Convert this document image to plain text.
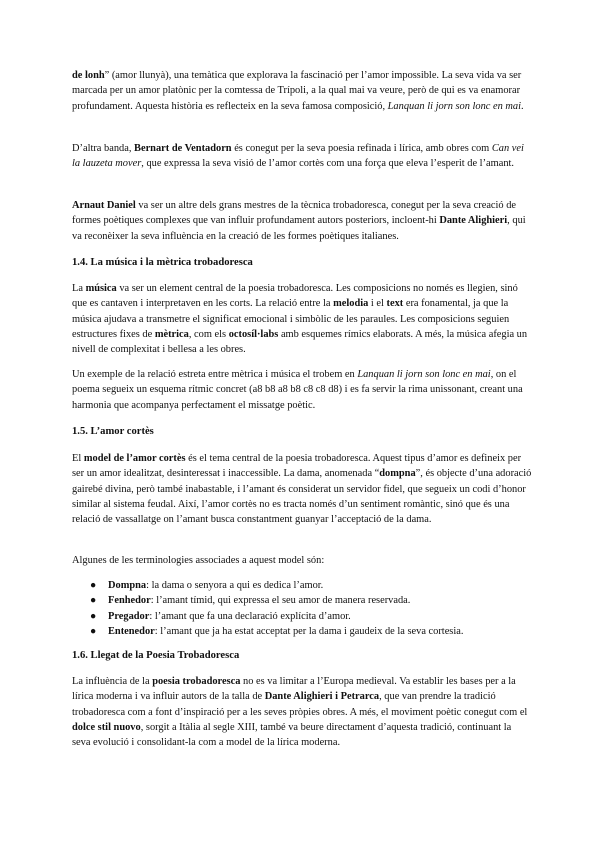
de lonh” (amor llunyà), una temàtica que explorava la fascinació per l’amor impossible. La seva vida va ser marcada per un amor platònic per la comtessa de Trípoli, a la qual mai va veure, però de qui es va enamorar profundament. Aquesta història es reflecteix en la seva famosa composició, Lanquan li jorn son lonc en mai.

D’altra banda, Bernart de Ventadorn és conegut per la seva poesia refinada i lírica, amb obres com Can vei la lauzeta mover, que expressa la seva visió de l’amor cortès com una força que eleva l’esperit de l’amant.

Arnaut Daniel va ser un altre dels grans mestres de la tècnica trobadoresca, conegut per la seva creació de formes poètiques complexes que van influir profundament autors posteriors, incloent-hi Dante Alighieri, qui va reconèixer la seva influència en la creació de les formes poètiques italianes.

1.4. La música i la mètrica trobadoresca

La música va ser un element central de la poesia trobadoresca. Les composicions no només es llegien, sinó que es cantaven i interpretaven en les corts. La relació entre la melodia i el text era fonamental, ja que la música ajudava a transmetre el significat emocional i simbòlic de les paraules. Les composicions seguien estructures fixes de mètrica, com els octosíl·labs amb esquemes rímics elaborats. A més, la música afegia un nivell de complexitat i bellesa a les obres.

Un exemple de la relació estreta entre mètrica i música el trobem en Lanquan li jorn son lonc en mai, on el poema segueix un esquema rítmic concret (a8 b8 a8 b8 c8 c8 d8) i es fa servir la rima unissonant, creant una harmonia que acompanya perfectament el missatge poètic.

1.5. L’amor cortès

El model de l’amor cortès és el tema central de la poesia trobadoresca. Aquest tipus d’amor es defineix per ser un amor idealitzat, desinteressat i inaccessible. La dama, anomenada “dompna”, és objecte d’una adoració gairebé divina, però també inabastable, i l’amant és considerat un servidor fidel, que segueix un codi d’honor similar al sistema feudal. Així, l’amor cortès no es tracta només d’un sentiment romàntic, sinó que és una relació de vassallatge on l’amant busca constantment guanyar l’acceptació de la dama.

Algunes de les terminologies associades a aquest model són:

● Dompna: la dama o senyora a qui es dedica l’amor.
● Fenhedor: l’amant tímid, qui expressa el seu amor de manera reservada.
● Pregador: l’amant que fa una declaració explícita d’amor.
● Entenedor: l’amant que ja ha estat acceptat per la dama i gaudeix de la seva cortesia.
1.6. Llegat de la Poesia Trobadoresca

La influència de la poesia trobadoresca no es va limitar a l’Europa medieval. Va establir les bases per a la lírica moderna i va influir autors de la talla de Dante Alighieri i Petrarca, que van prendre la tradició trobadoresca com a font d’inspiració per a les seves pròpies obres. A més, el moviment poètic conegut com el dolce stil nuovo, sorgit a Itàlia al segle XIII, també va beure directament d’aquesta tradició, continuant la seva evolució i consolidant-la com a model de la lírica moderna.
